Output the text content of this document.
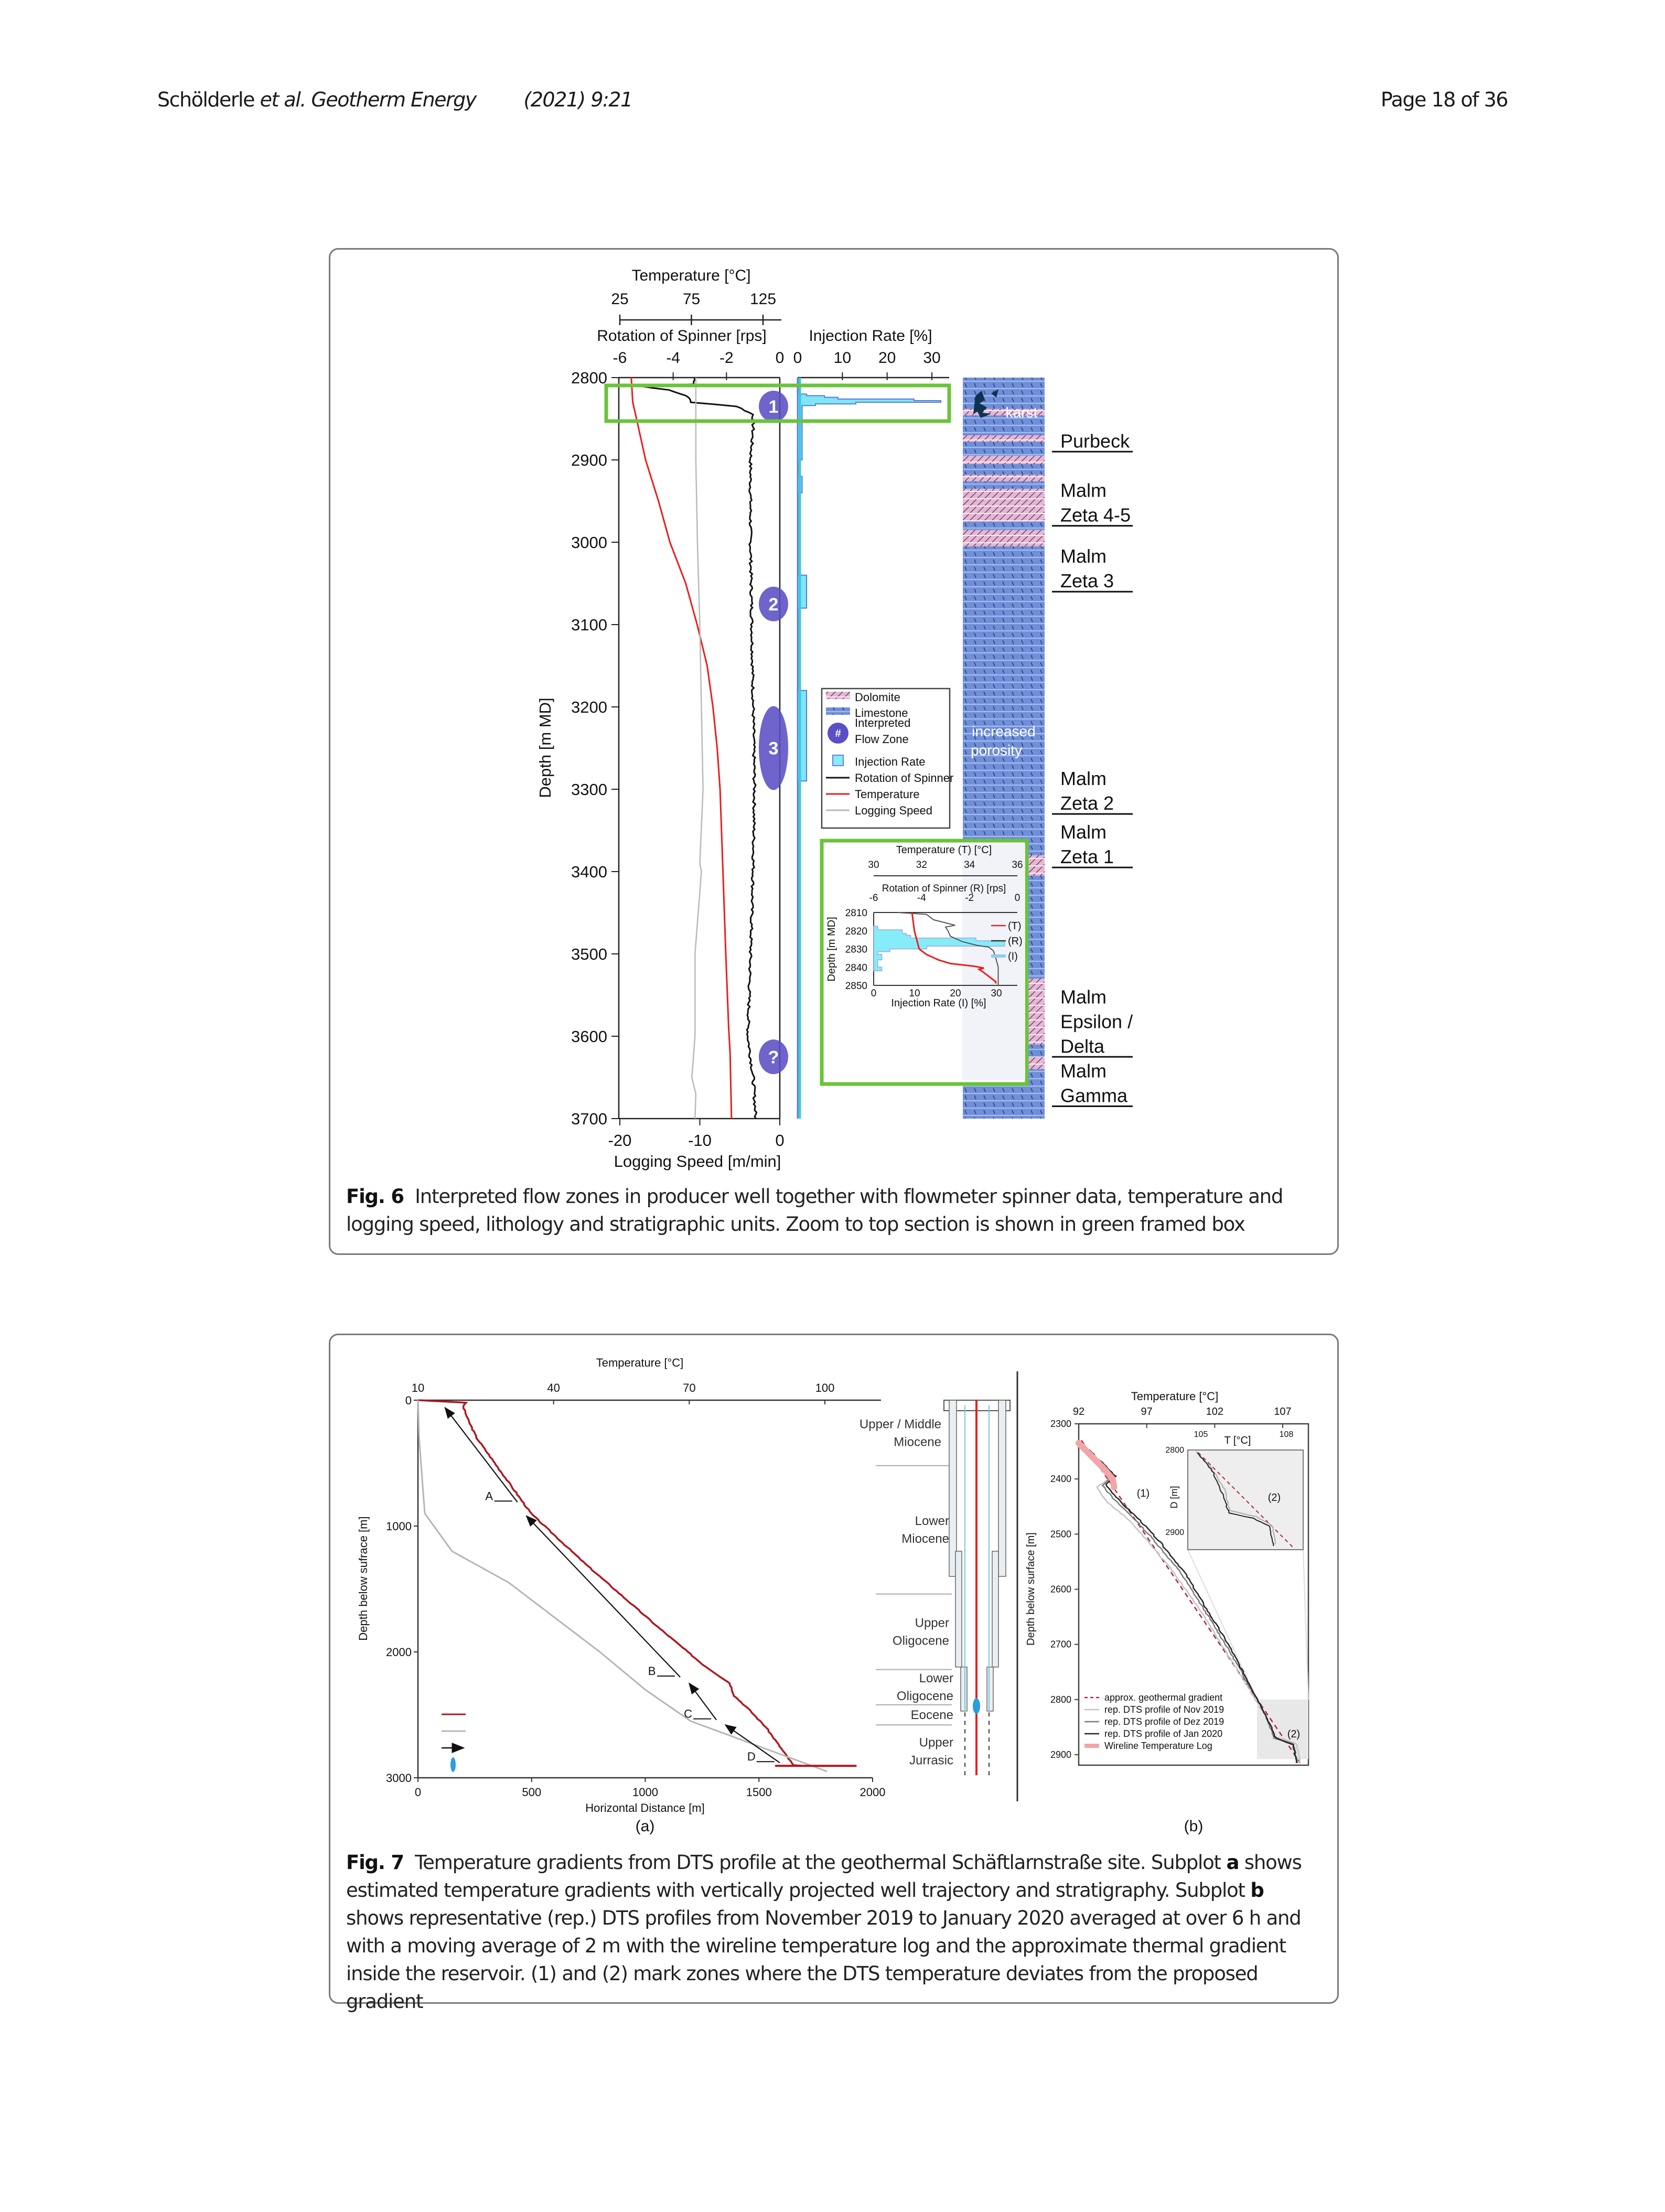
Schölderle et al. Geotherm Energy (2021) 9:21	Page 18 of 36
Temperature [°C]
25	75	125
Rotation of Spinner [rps]
-6 -4 -2	0
Injection Rate [%]
0 10 20 30
2800
2900
3000
3100
3200
3300
3400
3500
3600
3700
Depth [m MD]
-20	-10	0
Logging Speed [m/min]
1
2
3
?
karst
increased
porosity
Purbeck
Malm
Zeta 4-5
Malm
Zeta 3
Malm
Zeta 2
Malm
Zeta 1
Malm
Epsilon /
Delta
Malm
Gamma
Dolomite
Limestone
#
Interpreted
Flow Zone
Injection Rate
Rotation of Spinner
Temperature
Logging Speed
Temperature (T) [°C]
30	32	34	36
Rotation of Spinner (R) [rps]
-6	-4	-2	0
2810
2820
2830
2840
2850
Depth [m MD]
0	10	20	30
Injection Rate (I) [%]
(T)
(R)
(I)
Fig. 6 Interpreted flow zones in producer well together with flowmeter spinner data, temperature and logging speed, lithology and stratigraphic units. Zoom to top section is shown in green framed box
Temperature [°C]
10	40	70	100
0
1000
2000
3000
Depth below sufrace [m]
0	500	1000	1500	2000
Horizontal Distance [m]
(a)
A
B
C
D
Upper / Middle
Miocene
Lower
Miocene
Upper
Oligocene
Lower
Oligocene
Eocene
Upper
Jurrasic
Temperature [°C]
92	97	102	107
2300
2400
2500
2600
2700
2800
2900
Depth below surface [m]
(1)
(2)
T [°C]
105	108
2800
2900
D [m]	(2)
approx. geothermal gradient
rep. DTS profile of Nov 2019
rep. DTS profile of Dez 2019
rep. DTS profile of Jan 2020
Wireline Temperature Log
(b)
Fig. 7 Temperature gradients from DTS profile at the geothermal Schäftlarnstraße site. Subplot a shows estimated temperature gradients with vertically projected well trajectory and stratigraphy. Subplot b shows representative (rep.) DTS profiles from November 2019 to January 2020 averaged at over 6 h and with a moving average of 2 m with the wireline temperature log and the approximate thermal gradient inside the reservoir. (1) and (2) mark zones where the DTS temperature deviates from the proposed gradient
